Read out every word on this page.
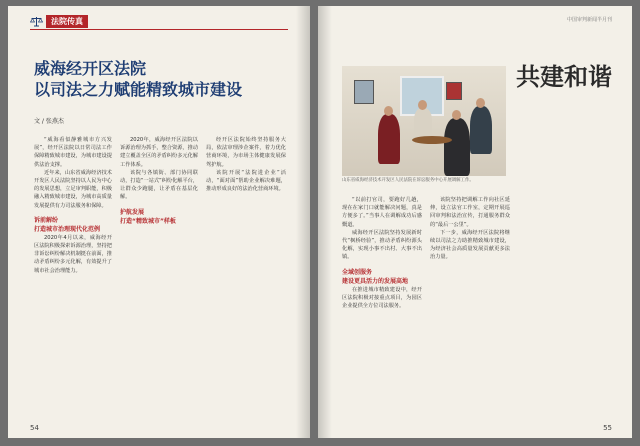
法院传真
威海经开区法院
以司法之力赋能精致城市建设
文 / 张燕杰

“威海看似静雅城市方兴发展”，经开区法院以日常司法工作保障精致城市建设，为城市建设提供法治支撑。

近年来，山东省威海经济技术开发区人民法院坚持以人民为中心的发展思想，立足审判职能，积极融入精致城市建设，为城市高质量发展提供有力司法服务和保障。

诉前解纷
打造城市治理现代化范例

2020年4月以来，威海经开区法院积极探索诉源治理，坚持把非诉讼纠纷解决机制挺在前面，推动矛盾纠纷多元化解，有效提升了城市社会治理能力。

2020年，威海经开区法院以诉源治理为抓手，整合资源，推动建立覆盖全区的矛盾纠纷多元化解工作体系。

该院与各镇街、部门协同联动，打造“一站式”纠纷化解平台，让群众少跑腿，让矛盾在基层化解。

护航发展
打造“精致城市”样板

经开区法院始终坚持服务大局，依法审理涉企案件，着力优化营商环境，为市场主体健康发展保驾护航。

该院开展“法院进企业”活动，“面对面”帮助企业解决难题，推动形成良好的法治化营商环境。

54
中国审判新闻半月刊
共建和谐
山东省威海经济技术开发区人民法院在诉讼服务中心开展调解工作。

“以前打官司，要跑好几趟，现在在家门口就能解决问题，真是方便多了。”当事人在调解成功后感慨道。

威海经开区法院坚持发展新时代“枫桥经验”，推动矛盾纠纷源头化解，实现小事不出村、大事不出镇。

全域创服务
建设更具活力的发展高地

在推进城市精致建设中，经开区法院积极对接重点项目，为园区企业提供全方位司法服务。

该院坚持把调解工作向社区延伸，设立法官工作室，定期开展巡回审判和法治宣传，打通服务群众的“最后一公里”。

下一步，威海经开区法院将继续以司法之力助推精致城市建设，为经济社会高质量发展贡献更多法治力量。

55
